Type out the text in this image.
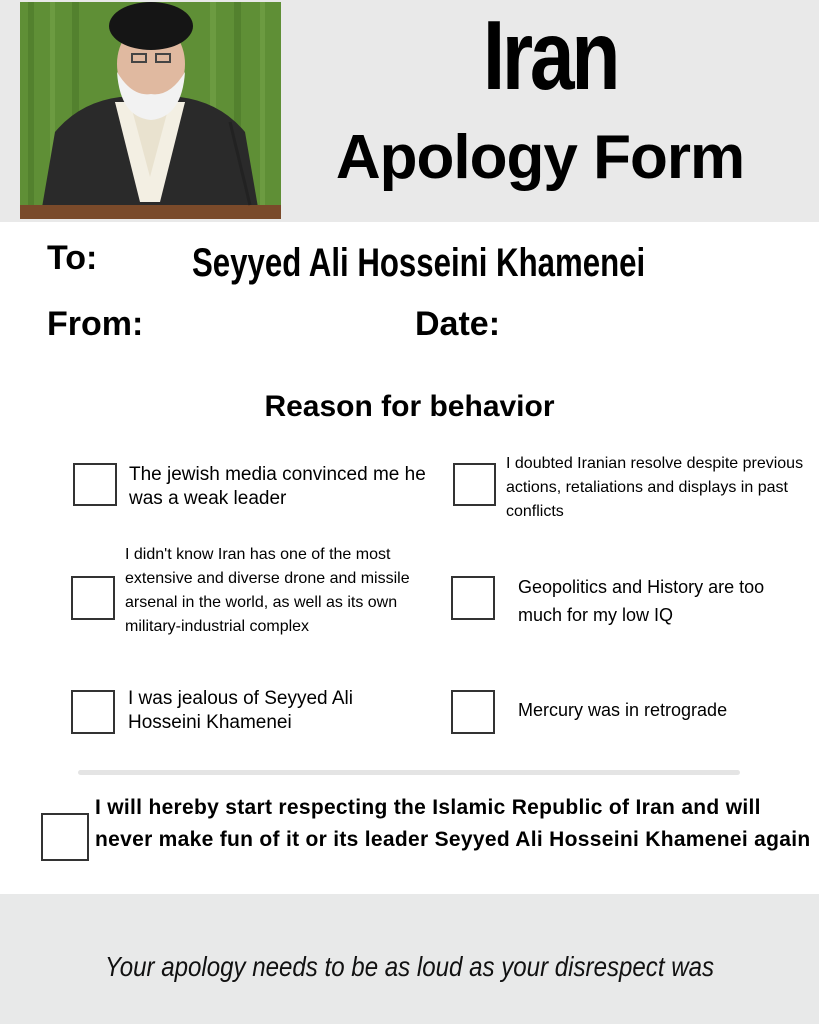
Iran
Apology Form
To: Seyyed Ali Hosseini Khamenei
From:	Date:
Reason for behavior
The jewish media convinced me he was a weak leader
I doubted Iranian resolve despite previous actions, retaliations and displays in past conflicts
I didn't know Iran has one of the most extensive and diverse drone and missile arsenal in the world, as well as its own military-industrial complex
Geopolitics and History are too much for my low IQ
I was jealous of Seyyed Ali Hosseini Khamenei
Mercury was in retrograde
I will hereby start respecting the Islamic Republic of Iran and will never make fun of it or its leader Seyyed Ali Hosseini Khamenei again
Your apology needs to be as loud as your disrespect was
